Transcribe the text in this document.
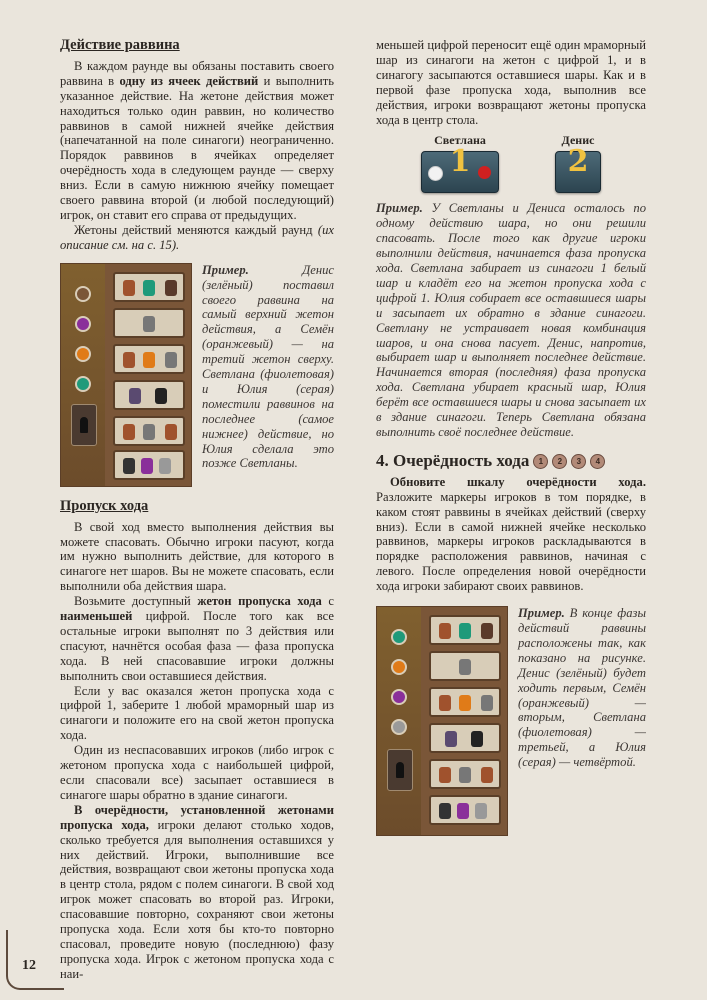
Действие раввина

В каждом раунде вы обязаны поставить своего раввина в одну из ячеек действий и выполнить указанное действие. На жетоне действия может находиться только один раввин, но количество раввинов в самой нижней ячейке действия (напечатанной на поле синагоги) неограниченно. Порядок раввинов в ячейках определяет очерёдность хода в следующем раунде — сверху вниз. Если в самую нижнюю ячейку помещает своего раввина второй (и любой последующий) игрок, он ставит его справа от предыдущих.

Жетоны действий меняются каждый раунд (их описание см. на с. 15).

Пример. Денис (зелёный) поставил своего раввина на самый верхний жетон действия, а Семён (оранжевый) — на третий жетон сверху. Светлана (фиолетовая) и Юлия (серая) поместили раввинов на последнее (самое нижнее) действие, но Юлия сделала это позже Светланы.
Пропуск хода

В свой ход вместо выполнения действия вы можете спасовать. Обычно игроки пасуют, когда им нужно выполнить действие, для которого в синагоге нет шаров. Вы не можете спасовать, если выполнили оба действия шара.

Возьмите доступный жетон пропуска хода с наименьшей цифрой. После того как все остальные игроки выполнят по 3 действия или спасуют, начнётся особая фаза — фаза пропуска хода. В ней спасовавшие игроки должны выполнить свои оставшиеся действия.

Если у вас оказался жетон пропуска хода с цифрой 1, заберите 1 любой мраморный шар из синагоги и положите его на свой жетон пропуска хода.

Один из неспасовавших игроков (либо игрок с жетоном пропуска хода с наибольшей цифрой, если спасовали все) засыпает оставшиеся в синагоге шары обратно в здание синагоги.

В очерёдности, установленной жетонами пропуска хода, игроки делают столько ходов, сколько требуется для выполнения оставшихся у них действий. Игроки, выполнившие все действия, возвращают свои жетоны пропуска хода в центр стола, рядом с полем синагоги. В свой ход игрок может спасовать во второй раз. Игроки, спасовавшие повторно, сохраняют свои жетоны пропуска хода. Если хотя бы кто-то повторно спасовал, проведите новую (последнюю) фазу пропуска хода. Игрок с жетоном пропуска хода с наи-

меньшей цифрой переносит ещё один мраморный шар из синагоги на жетон с цифрой 1, и в синагогу засыпаются оставшиеся шары. Как и в первой фазе пропуска хода, выполнив все действия, игроки возвращают жетоны пропуска хода в центр стола.

Светлана
1
Денис
2
Пример. У Светланы и Дениса осталось по одному действию шара, но они решили спасовать. После того как другие игроки выполнили действия, начинается фаза пропуска хода. Светлана забирает из синагоги 1 белый шар и кладёт его на жетон пропуска хода с цифрой 1. Юлия собирает все оставшиеся шары и засыпает их обратно в здание синагоги. Светлану не устраивает новая комбинация шаров, и она снова пасует. Денис, напротив, выбирает шар и выполняет последнее действие. Начинается вторая (последняя) фаза пропуска хода. Светлана убирает красный шар, Юлия берёт все оставшиеся шары и снова засыпает их в здание синагоги. Теперь Светлана обязана выполнить своё последнее действие.
4. Очерёдность хода	1	2	3	4

Обновите шкалу очерёдности хода. Разложите маркеры игроков в том порядке, в каком стоят раввины в ячейках действий (сверху вниз). Если в самой нижней ячейке несколько раввинов, маркеры игроков раскладываются в порядке расположения раввинов, начиная с левого. После определения новой очерёдности хода игроки забирают своих раввинов.

Пример. В конце фазы действий раввины расположены так, как показано на рисунке. Денис (зелёный) будет ходить первым, Семён (оранжевый) — вторым, Светлана (фиолетовая) — третьей, а Юлия (серая) — четвёртой.
12
